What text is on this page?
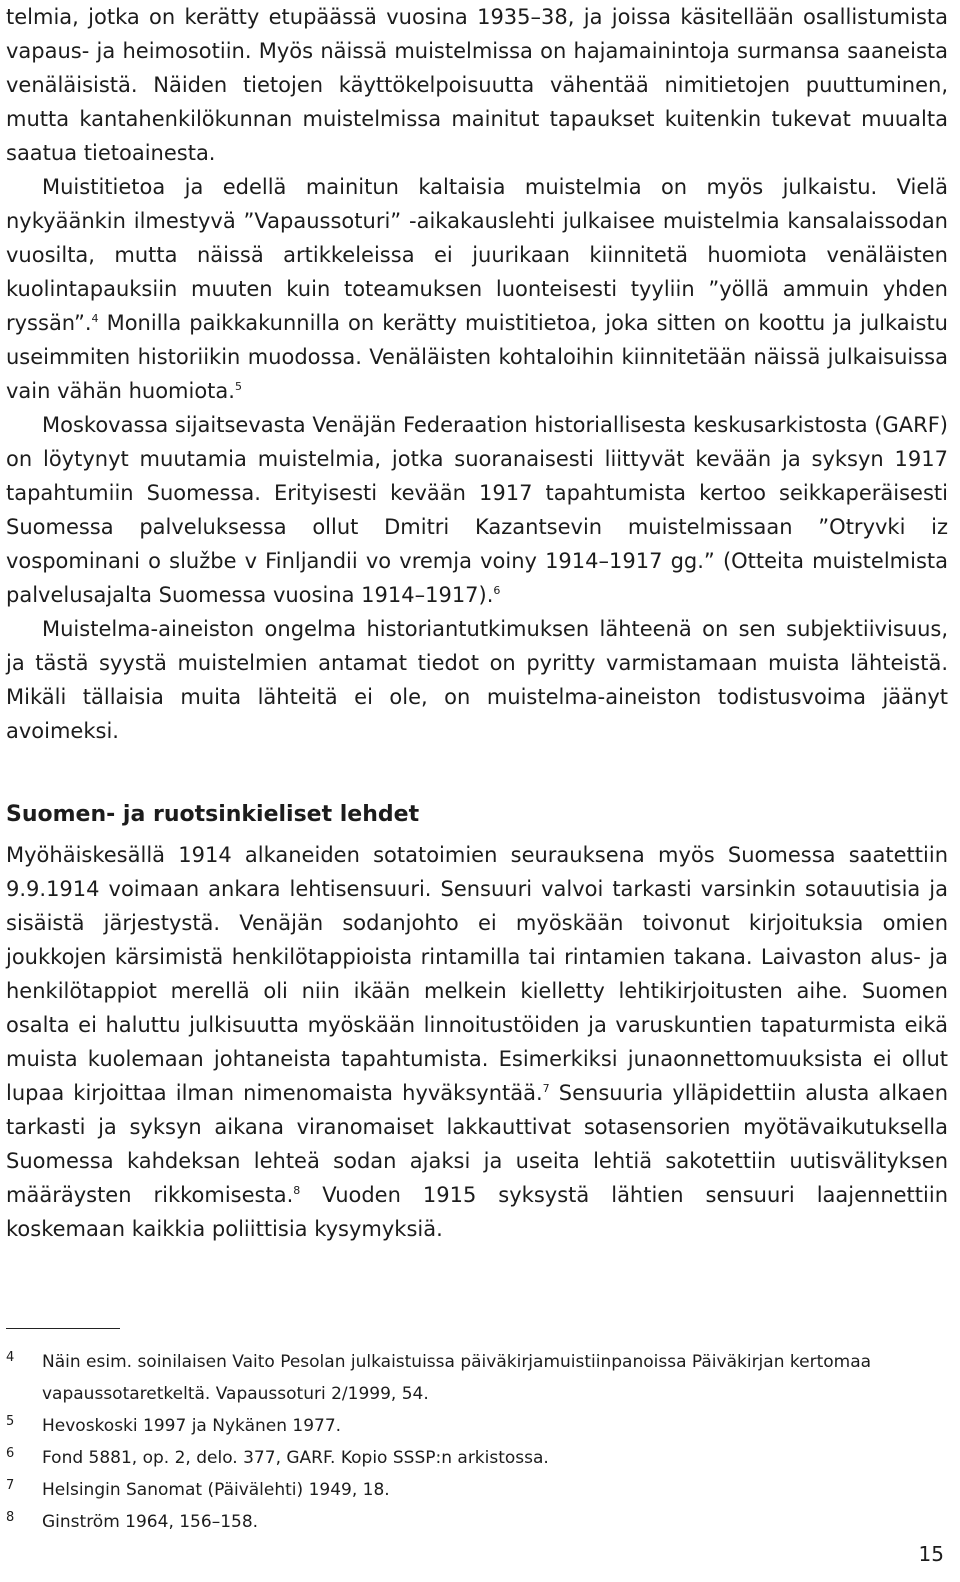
telmia, jotka on kerätty etupäässä vuosina 1935–38, ja joissa käsitellään osallistumista vapaus- ja heimosotiin. Myös näissä muistelmissa on hajamainintoja surmansa saaneista venäläisistä. Näiden tietojen käyttökelpoisuutta vähentää nimitietojen puuttuminen, mutta kantahenkilökunnan muistelmissa mainitut tapaukset kuitenkin tukevat muualta saatua tietoainesta.

Muistitietoa ja edellä mainitun kaltaisia muistelmia on myös julkaistu. Vielä nykyäänkin ilmestyvä ”Vapaussoturi” -aikakauslehti julkaisee muistelmia kansalaissodan vuosilta, mutta näissä artikkeleissa ei juurikaan kiinnitetä huomiota venäläisten kuolintapauksiin muuten kuin toteamuksen luonteisesti tyyliin ”yöllä ammuin yhden ryssän”.$^4$ Monilla paikkakunnilla on kerätty muistitietoa, joka sitten on koottu ja julkaistu useimmiten historiikin muodossa. Venäläisten kohtaloihin kiinnitetään näissä julkaisuissa vain vähän huomiota.$^5$

Moskovassa sijaitsevasta Venäjän Federaation historiallisesta keskusarkistosta (GARF) on löytynyt muutamia muistelmia, jotka suoranaisesti liittyvät kevään ja syksyn 1917 tapahtumiin Suomessa. Erityisesti kevään 1917 tapahtumista kertoo seikkaperäisesti Suomessa palveluksessa ollut Dmitri Kazantsevin muistelmissaan ”Otryvki iz vospominani o službe v Finljandii vo vremja voiny 1914–1917 gg.” (Otteita muistelmista palvelusajalta Suomessa vuosina 1914–1917).$^6$

Muistelma-aineiston ongelma historiantutkimuksen lähteenä on sen subjektiivisuus, ja tästä syystä muistelmien antamat tiedot on pyritty varmistamaan muista lähteistä. Mikäli tällaisia muita lähteitä ei ole, on muistelma-aineiston todistusvoima jäänyt avoimeksi.

Suomen- ja ruotsinkieliset lehdet

Myöhäiskesällä 1914 alkaneiden sotatoimien seurauksena myös Suomessa saatettiin 9.9.1914 voimaan ankara lehtisensuuri. Sensuuri valvoi tarkasti varsinkin sotauutisia ja sisäistä järjestystä. Venäjän sodanjohto ei myöskään toivonut kirjoituksia omien joukkojen kärsimistä henkilötappioista rintamilla tai rintamien takana. Laivaston alus- ja henkilötappiot merellä oli niin ikään melkein kielletty lehtikirjoitusten aihe. Suomen osalta ei haluttu julkisuutta myöskään linnoitustöiden ja varuskuntien tapaturmista eikä muista kuolemaan johtaneista tapahtumista. Esimerkiksi junaonnettomuuksista ei ollut lupaa kirjoittaa ilman nimenomaista hyväksyntää.$^7$ Sensuuria ylläpidettiin alusta alkaen tarkasti ja syksyn aikana viranomaiset lakkauttivat sotasensorien myötävaikutuksella Suomessa kahdeksan lehteä sodan ajaksi ja useita lehtiä sakotettiin uutisvälityksen määräysten rikkomisesta.$^8$ Vuoden 1915 syksystä lähtien sensuuri laajennettiin koskemaan kaikkia poliittisia kysymyksiä.

4	Näin esim. soinilaisen Vaito Pesolan julkaistuissa päiväkirjamuistiinpanoissa Päiväkirjan kertomaa vapaussotaretkeltä. Vapaussoturi 2/1999, 54.
5	Hevoskoski 1997 ja Nykänen 1977.
6	Fond 5881, op. 2, delo. 377, GARF. Kopio SSSP:n arkistossa.
7	Helsingin Sanomat (Päivälehti) 1949, 18.
8	Ginström 1964, 156–158.
15
